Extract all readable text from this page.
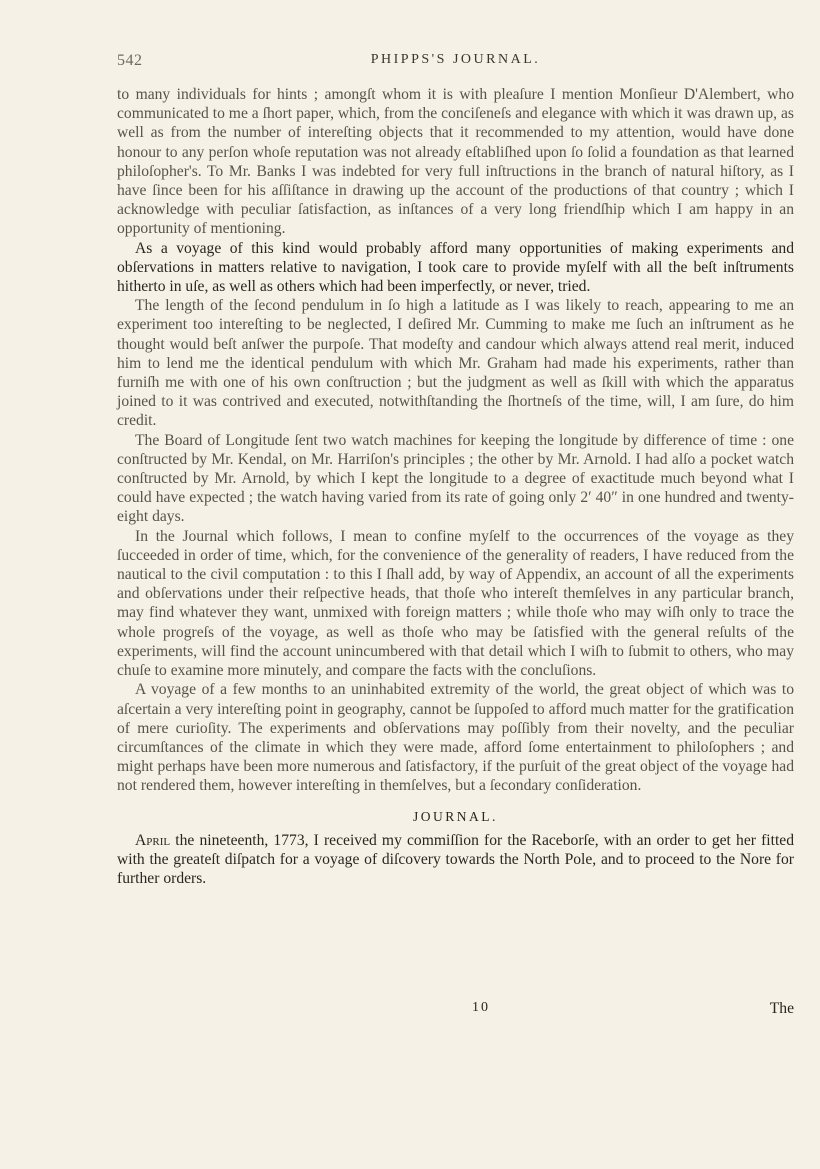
542	PHIPPS'S JOURNAL.

to many individuals for hints ; amongſt whom it is with pleaſure I mention Monſieur D'Alembert, who communicated to me a ſhort paper, which, from the conciſeneſs and elegance with which it was drawn up, as well as from the number of intereſting objects that it recommended to my attention, would have done honour to any perſon whoſe reputation was not already eſtabliſhed upon ſo ſolid a foundation as that learned philoſopher's. To Mr. Banks I was indebted for very full inſtructions in the branch of natural hiſtory, as I have ſince been for his aſſiſtance in drawing up the account of the productions of that country ; which I acknowledge with peculiar ſatisfaction, as inſtances of a very long friendſhip which I am happy in an opportunity of mentioning.

As a voyage of this kind would probably afford many opportunities of making experiments and obſervations in matters relative to navigation, I took care to provide myſelf with all the beſt inſtruments hitherto in uſe, as well as others which had been imperfectly, or never, tried.

The length of the ſecond pendulum in ſo high a latitude as I was likely to reach, appearing to me an experiment too intereſting to be neglected, I deſired Mr. Cumming to make me ſuch an inſtrument as he thought would beſt anſwer the purpoſe. That modeſty and candour which always attend real merit, induced him to lend me the identical pendulum with which Mr. Graham had made his experiments, rather than furniſh me with one of his own conſtruction ; but the judgment as well as ſkill with which the apparatus joined to it was contrived and executed, notwithſtanding the ſhortneſs of the time, will, I am ſure, do him credit.

The Board of Longitude ſent two watch machines for keeping the longitude by difference of time : one conſtructed by Mr. Kendal, on Mr. Harriſon's principles ; the other by Mr. Arnold. I had alſo a pocket watch conſtructed by Mr. Arnold, by which I kept the longitude to a degree of exactitude much beyond what I could have expected ; the watch having varied from its rate of going only 2′ 40″ in one hundred and twenty-eight days.

In the Journal which follows, I mean to confine myſelf to the occurrences of the voyage as they ſucceeded in order of time, which, for the convenience of the generality of readers, I have reduced from the nautical to the civil computation : to this I ſhall add, by way of Appendix, an account of all the experiments and obſervations under their reſpective heads, that thoſe who intereſt themſelves in any particular branch, may find whatever they want, unmixed with foreign matters ; while thoſe who may wiſh only to trace the whole progreſs of the voyage, as well as thoſe who may be ſatisfied with the general reſults of the experiments, will find the account unincumbered with that detail which I wiſh to ſubmit to others, who may chuſe to examine more minutely, and compare the facts with the concluſions.

A voyage of a few months to an uninhabited extremity of the world, the great object of which was to aſcertain a very intereſting point in geography, cannot be ſuppoſed to afford much matter for the gratification of mere curioſity. The experiments and obſervations may poſſibly from their novelty, and the peculiar circumſtances of the climate in which they were made, afford ſome entertainment to philoſophers ; and might perhaps have been more numerous and ſatisfactory, if the purſuit of the great object of the voyage had not rendered them, however intereſting in themſelves, but a ſecondary conſideration.

JOURNAL.

April the nineteenth, 1773, I received my commiſſion for the Raceborſe, with an order to get her fitted with the greateſt diſpatch for a voyage of diſcovery towards the North Pole, and to proceed to the Nore for further orders.

10	The
